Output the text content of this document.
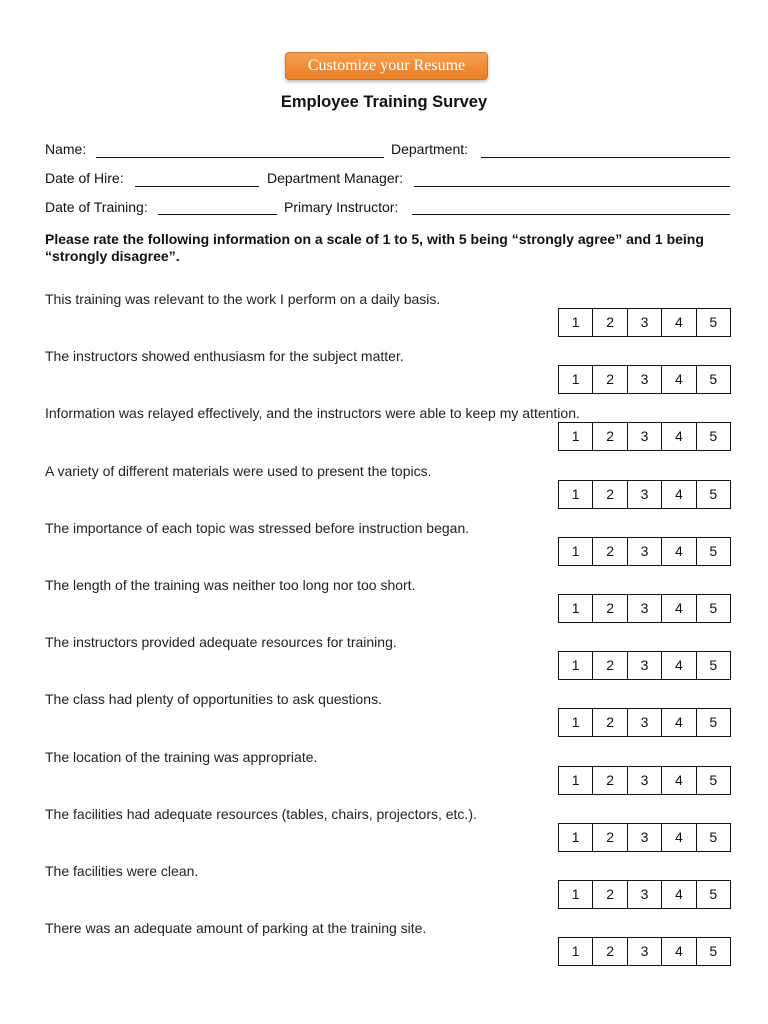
Customize your Resume
Employee Training Survey
Name:	Department:
Date of Hire:	Department Manager:
Date of Training:	Primary Instructor:
Please rate the following information on a scale of 1 to 5, with 5 being “strongly agree” and 1 being “strongly disagree”.
This training was relevant to the work I perform on a daily basis.
1	2	3	4	5
The instructors showed enthusiasm for the subject matter.
1	2	3	4	5
Information was relayed effectively, and the instructors were able to keep my attention.
1	2	3	4	5
A variety of different materials were used to present the topics.
1	2	3	4	5
The importance of each topic was stressed before instruction began.
1	2	3	4	5
The length of the training was neither too long nor too short.
1	2	3	4	5
The instructors provided adequate resources for training.
1	2	3	4	5
The class had plenty of opportunities to ask questions.
1	2	3	4	5
The location of the training was appropriate.
1	2	3	4	5
The facilities had adequate resources (tables, chairs, projectors, etc.).
1	2	3	4	5
The facilities were clean.
1	2	3	4	5
There was an adequate amount of parking at the training site.
1	2	3	4	5
